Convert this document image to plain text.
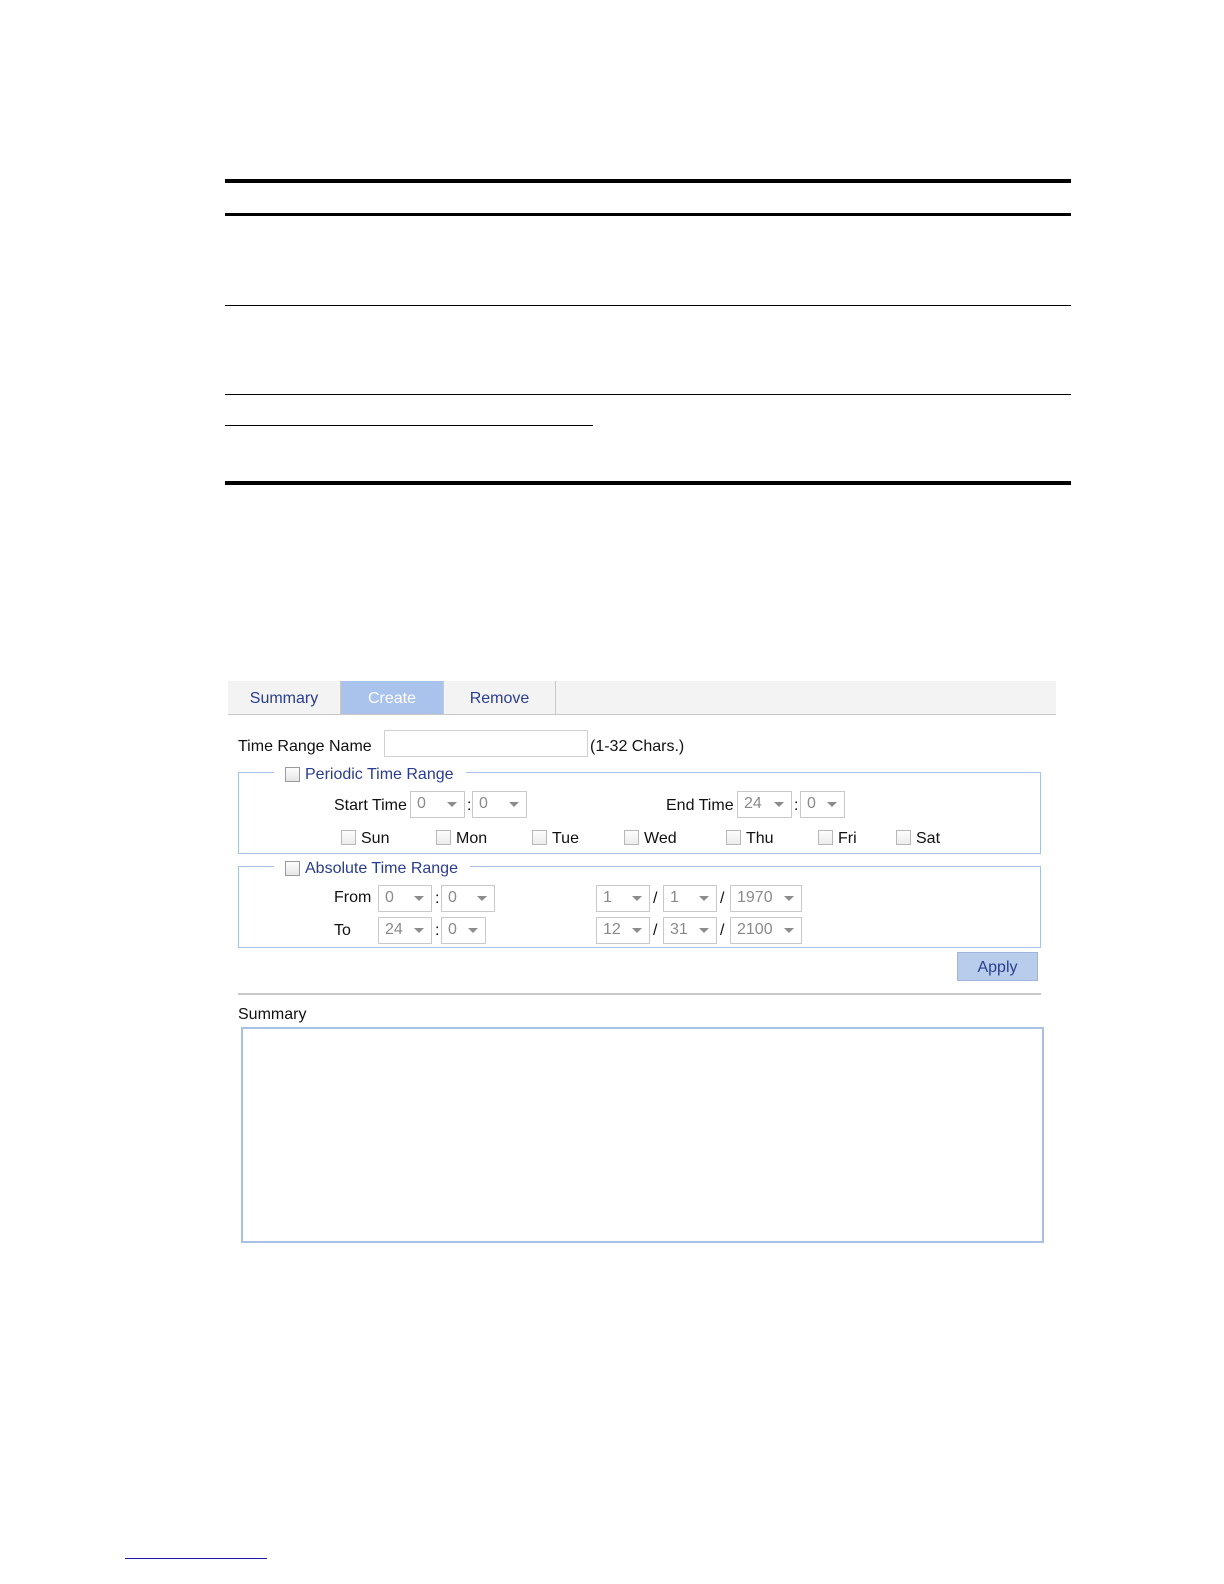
Summary	Create	Remove
Time Range Name	(1-32 Chars.)
Periodic Time Range
Start Time 0	: 0	End Time 24 : 0
Sun	Mon	Tue	Wed	Thu	Fri	Sat
Absolute Time Range
From 0	: 0	1	/ 1	/ 1970
To 24 : 0	12 / 31 / 2100
Apply
Summary
